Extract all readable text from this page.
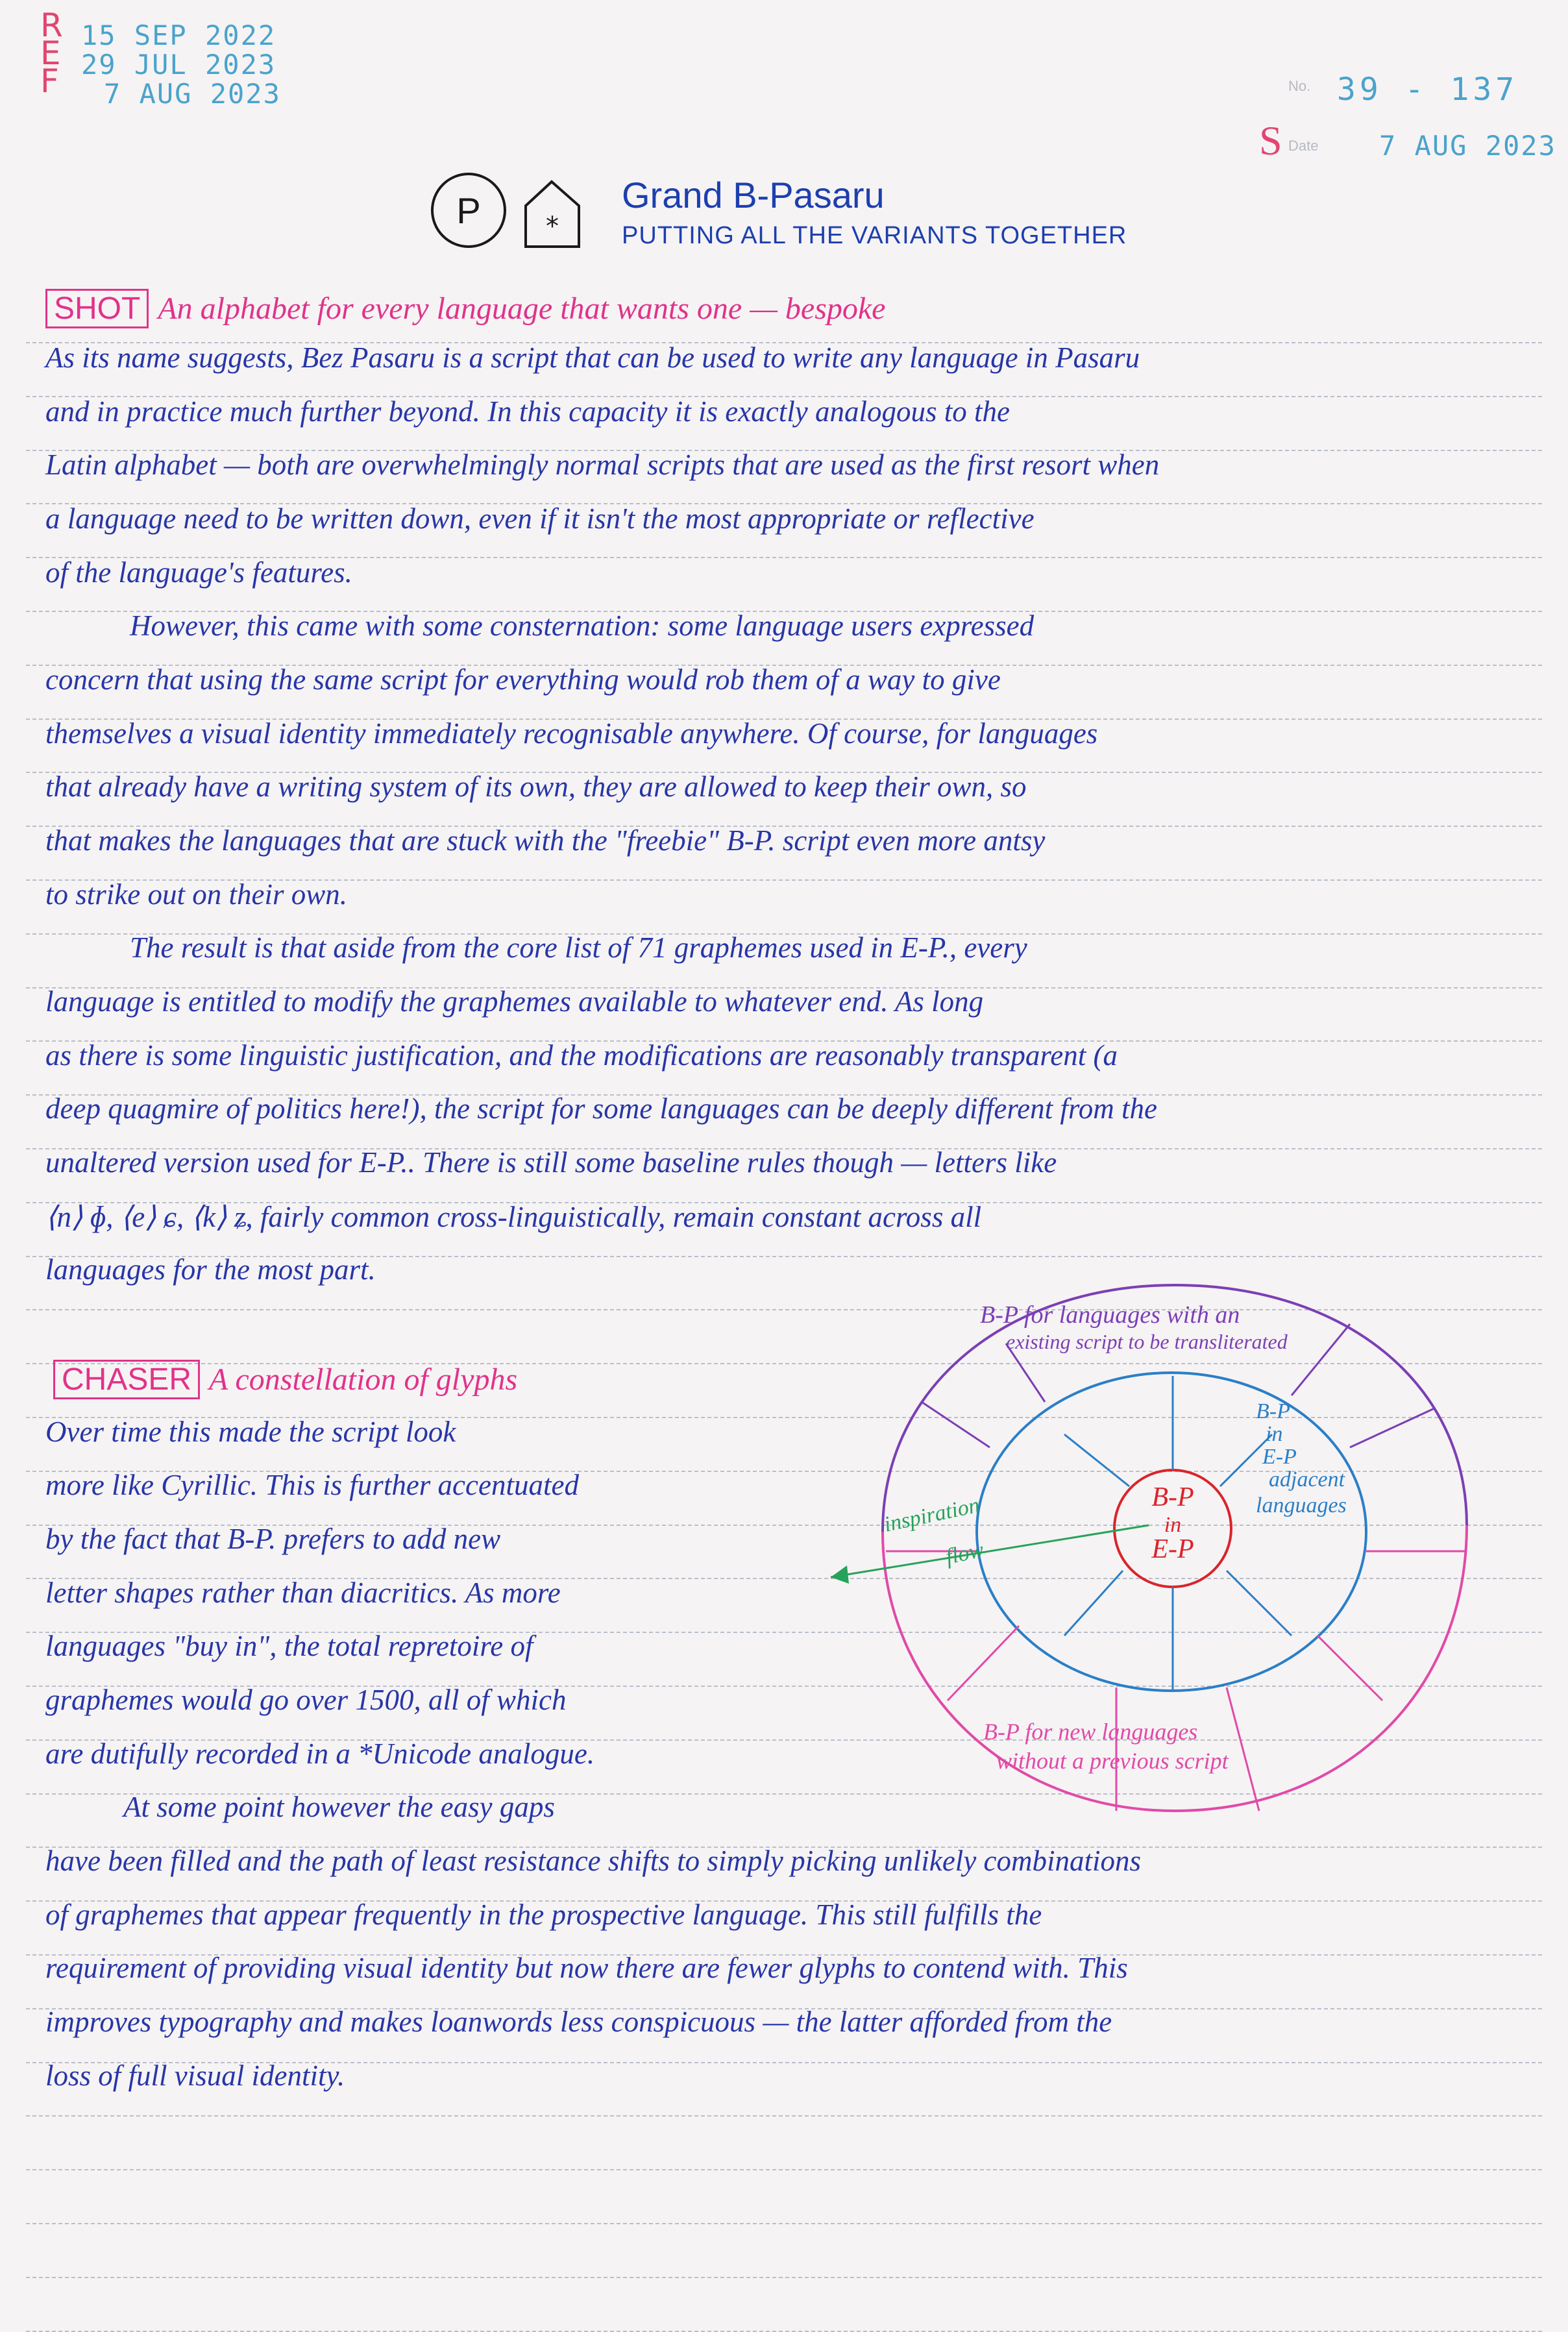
R
E
F
15 SEP 2022
29 JUL 2023
7 AUG 2023	No. 39 - 137
S Date 7 AUG 2023
P	*
Grand B-Pasaru
PUTTING ALL THE VARIANTS TOGETHER
SHOT An alphabet for every language that wants one — bespoke
As its name suggests, Bez Pasaru is a script that can be used to write any language in Pasaru
and in practice much further beyond. In this capacity it is exactly analogous to the
Latin alphabet — both are overwhelmingly normal scripts that are used as the first resort when
a language need to be written down, even if it isn't the most appropriate or reflective
of the language's features.
However, this came with some consternation: some language users expressed
concern that using the same script for everything would rob them of a way to give
themselves a visual identity immediately recognisable anywhere. Of course, for languages
that already have a writing system of its own, they are allowed to keep their own, so
that makes the languages that are stuck with the "freebie" B-P. script even more antsy
to strike out on their own.
The result is that aside from the core list of 71 graphemes used in E-P., every
language is entitled to modify the graphemes available to whatever end. As long
as there is some linguistic justification, and the modifications are reasonably transparent (a
deep quagmire of politics here!), the script for some languages can be deeply different from the
unaltered version used for E-P.. There is still some baseline rules though — letters like
⟨n⟩ ɸ, ⟨e⟩ ɕ, ⟨k⟩ ʑ, fairly common cross-linguistically, remain constant across all
languages for the most part.
CHASER A constellation of glyphs
Over time this made the script look
more like Cyrillic. This is further accentuated
by the fact that B-P. prefers to add new
letter shapes rather than diacritics. As more
languages "buy in", the total repretoire of
graphemes would go over 1500, all of which
are dutifully recorded in a *Unicode analogue.
At some point however the easy gaps
have been filled and the path of least resistance shifts to simply picking unlikely combinations
of graphemes that appear frequently in the prospective language. This still fulfills the
requirement of providing visual identity but now there are fewer glyphs to contend with. This
improves typography and makes loanwords less conspicuous — the latter afforded from the
loss of full visual identity.
B-P for languages with an
existing script to be transliterated
B-P
in
E-P
adjacent
languages
B-P
in
E-P
inspiration
flow
B-P for new languages
without a previous script
